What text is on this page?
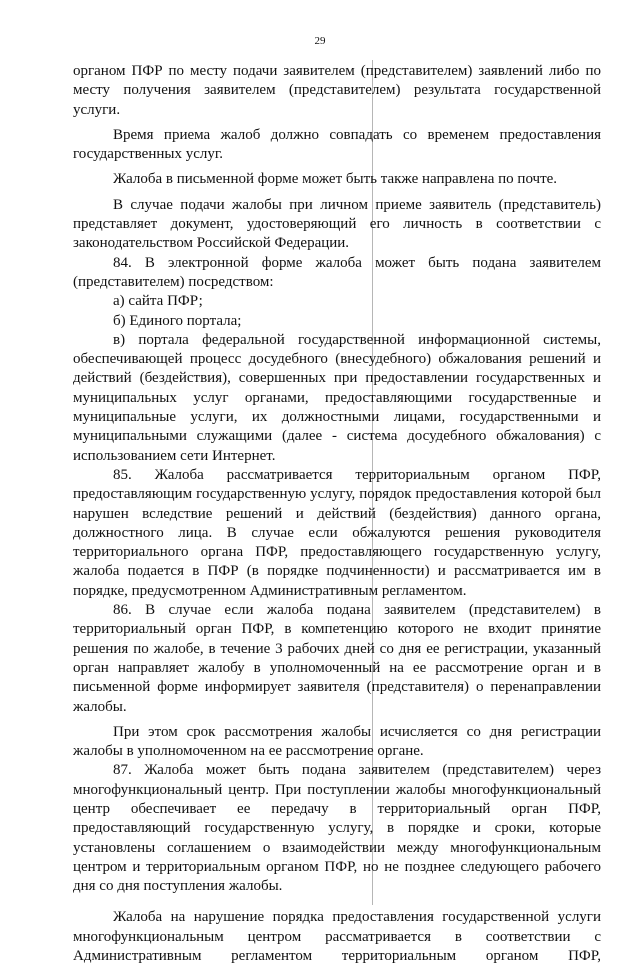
29

органом ПФР по месту подачи заявителем (представителем) заявлений либо по месту получения заявителем (представителем) результата государственной услуги.

Время приема жалоб должно совпадать со временем предоставления государственных услуг.

Жалоба в письменной форме может быть также направлена по почте.

В случае подачи жалобы при личном приеме заявитель (представитель) представляет документ, удостоверяющий его личность в соответствии с законодательством Российской Федерации.

84. В электронной форме жалоба может быть подана заявителем (представителем) посредством:

а) сайта ПФР;

б) Единого портала;

в) портала федеральной государственной информационной системы, обеспечивающей процесс досудебного (внесудебного) обжалования решений и действий (бездействия), совершенных при предоставлении государственных и муниципальных услуг органами, предоставляющими государственные и муниципальные услуги, их должностными лицами, государственными и муниципальными служащими (далее - система досудебного обжалования) с использованием сети Интернет.

85. Жалоба рассматривается территориальным органом ПФР, предоставляющим государственную услугу, порядок предоставления которой был нарушен вследствие решений и действий (бездействия) данного органа, должностного лица. В случае если обжалуются решения руководителя территориального органа ПФР, предоставляющего государственную услугу, жалоба подается в ПФР (в порядке подчиненности) и рассматривается им в порядке, предусмотренном Административным регламентом.

86. В случае если жалоба подана заявителем (представителем) в территориальный орган ПФР, в компетенцию которого не входит принятие решения по жалобе, в течение 3 рабочих дней со дня ее регистрации, указанный орган направляет жалобу в уполномоченный на ее рассмотрение орган и в письменной форме информирует заявителя (представителя) о перенаправлении жалобы.

При этом срок рассмотрения жалобы исчисляется со дня регистрации жалобы в уполномоченном на ее рассмотрение органе.

87. Жалоба может быть подана заявителем (представителем) через многофункциональный центр. При поступлении жалобы многофункциональный центр обеспечивает ее передачу в территориальный орган ПФР, предоставляющий государственную услугу, в порядке и сроки, которые установлены соглашением о взаимодействии между многофункциональным центром и территориальным органом ПФР, но не позднее следующего рабочего дня со дня поступления жалобы.

Жалоба на нарушение порядка предоставления государственной услуги многофункциональным центром рассматривается в соответствии с Административным регламентом территориальным органом ПФР,
